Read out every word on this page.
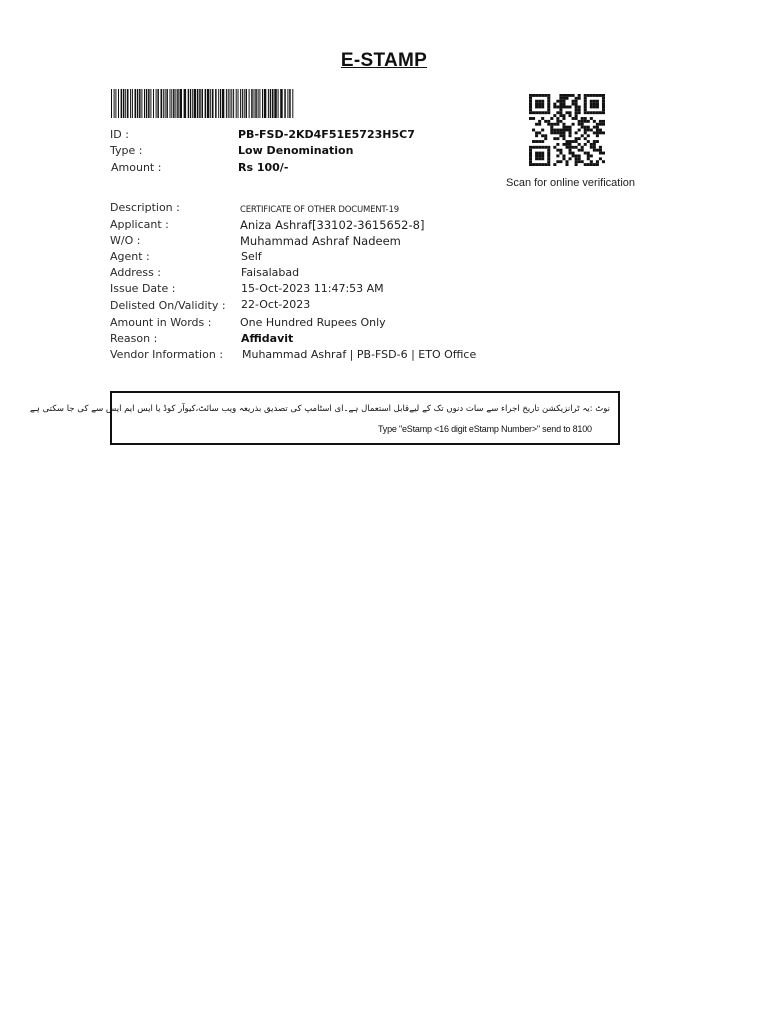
E-STAMP
Scan for online verification
ID :	PB-FSD-2KD4F51E5723H5C7
Type :	Low Denomination
Amount :	Rs 100/-
Description :	CERTIFICATE OF OTHER DOCUMENT-19
Applicant :	Aniza Ashraf[33102-3615652-8]
W/O :	Muhammad Ashraf Nadeem
Agent :	Self
Address :	Faisalabad
Issue Date :	15-Oct-2023 11:47:53 AM
Delisted On/Validity : 22-Oct-2023
Amount in Words :	One Hundred Rupees Only
Reason :	Affidavit
Vendor Information : Muhammad Ashraf | PB-FSD-6 | ETO Office
نوٹ :یہ ٹرانزیکشن تاریخ اجراء سے سات دنوں تک کے لیےقابل استعمال ہے۔ای اسٹامپ کی تصدیق بذریعہ ویب سائٹ،کیوآر کوڈ یا ایس ایم ایس سے کی جا سکتی ہے
Type "eStamp <16 digit eStamp Number>" send to 8100
